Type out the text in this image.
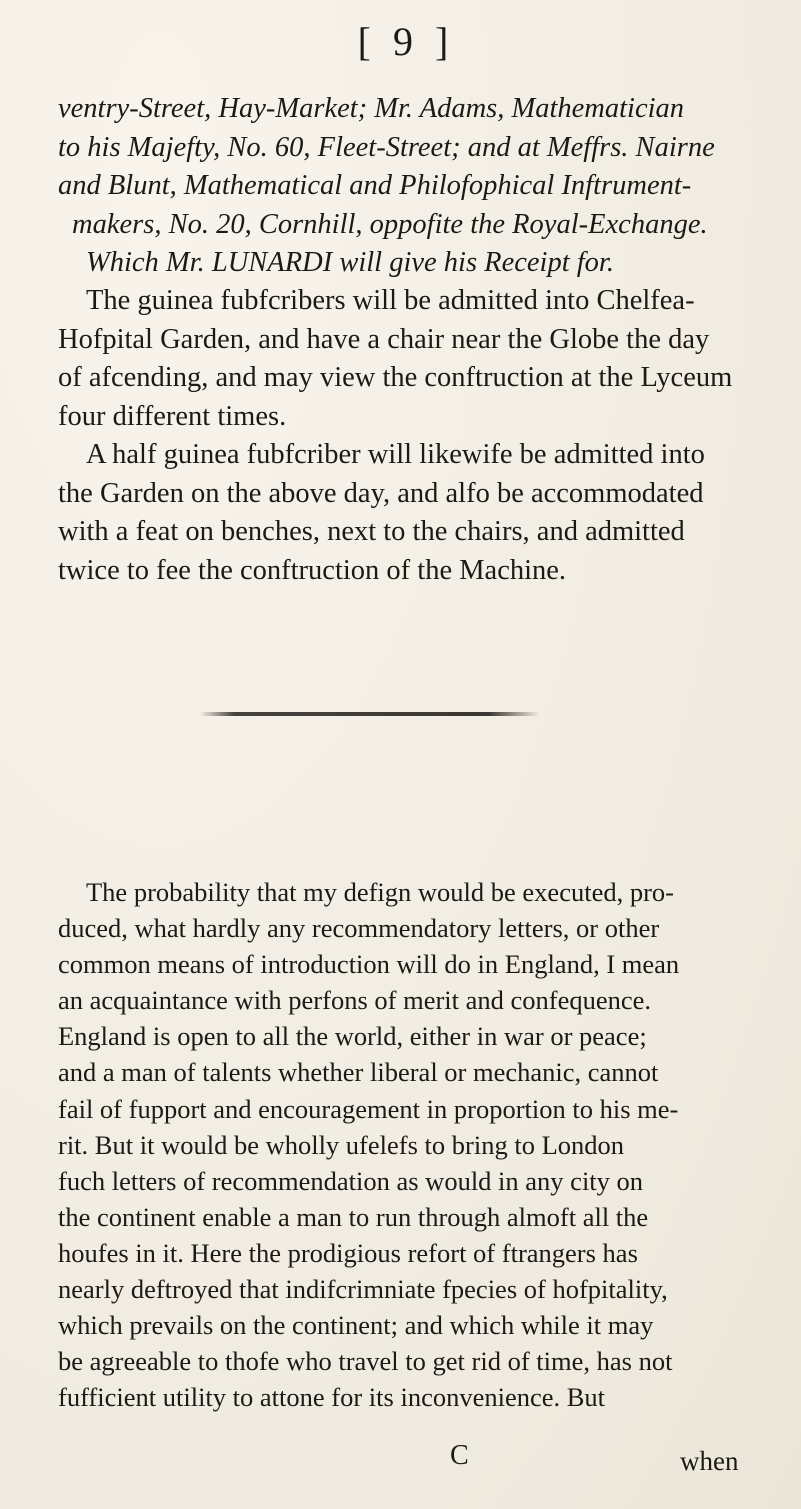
[ 9 ]
ventry-Street, Hay-Market; Mr. Adams, Mathematician
to his Majefty, No. 60, Fleet-Street; and at Meffrs. Nairne
and Blunt, Mathematical and Philofophical Inftrument-
makers, No. 20, Cornhill, oppofite the Royal-Exchange.
Which Mr. LUNARDI will give his Receipt for.
The guinea fubfcribers will be admitted into Chelfea-
Hofpital Garden, and have a chair near the Globe the day
of afcending, and may view the conftruction at the Lyceum
four different times.
A half guinea fubfcriber will likewife be admitted into
the Garden on the above day, and alfo be accommodated
with a feat on benches, next to the chairs, and admitted
twice to fee the conftruction of the Machine.
The probability that my defign would be executed, pro-
duced, what hardly any recommendatory letters, or other
common means of introduction will do in England, I mean
an acquaintance with perfons of merit and confequence.
England is open to all the world, either in war or peace;
and a man of talents whether liberal or mechanic, cannot
fail of fupport and encouragement in proportion to his me-
rit. But it would be wholly ufelefs to bring to London
fuch letters of recommendation as would in any city on
the continent enable a man to run through almoft all the
houfes in it. Here the prodigious refort of ftrangers has
nearly deftroyed that indifcrimniate fpecies of hofpitality,
which prevails on the continent; and which while it may
be agreeable to thofe who travel to get rid of time, has not
fufficient utility to attone for its inconvenience. But
C	when
